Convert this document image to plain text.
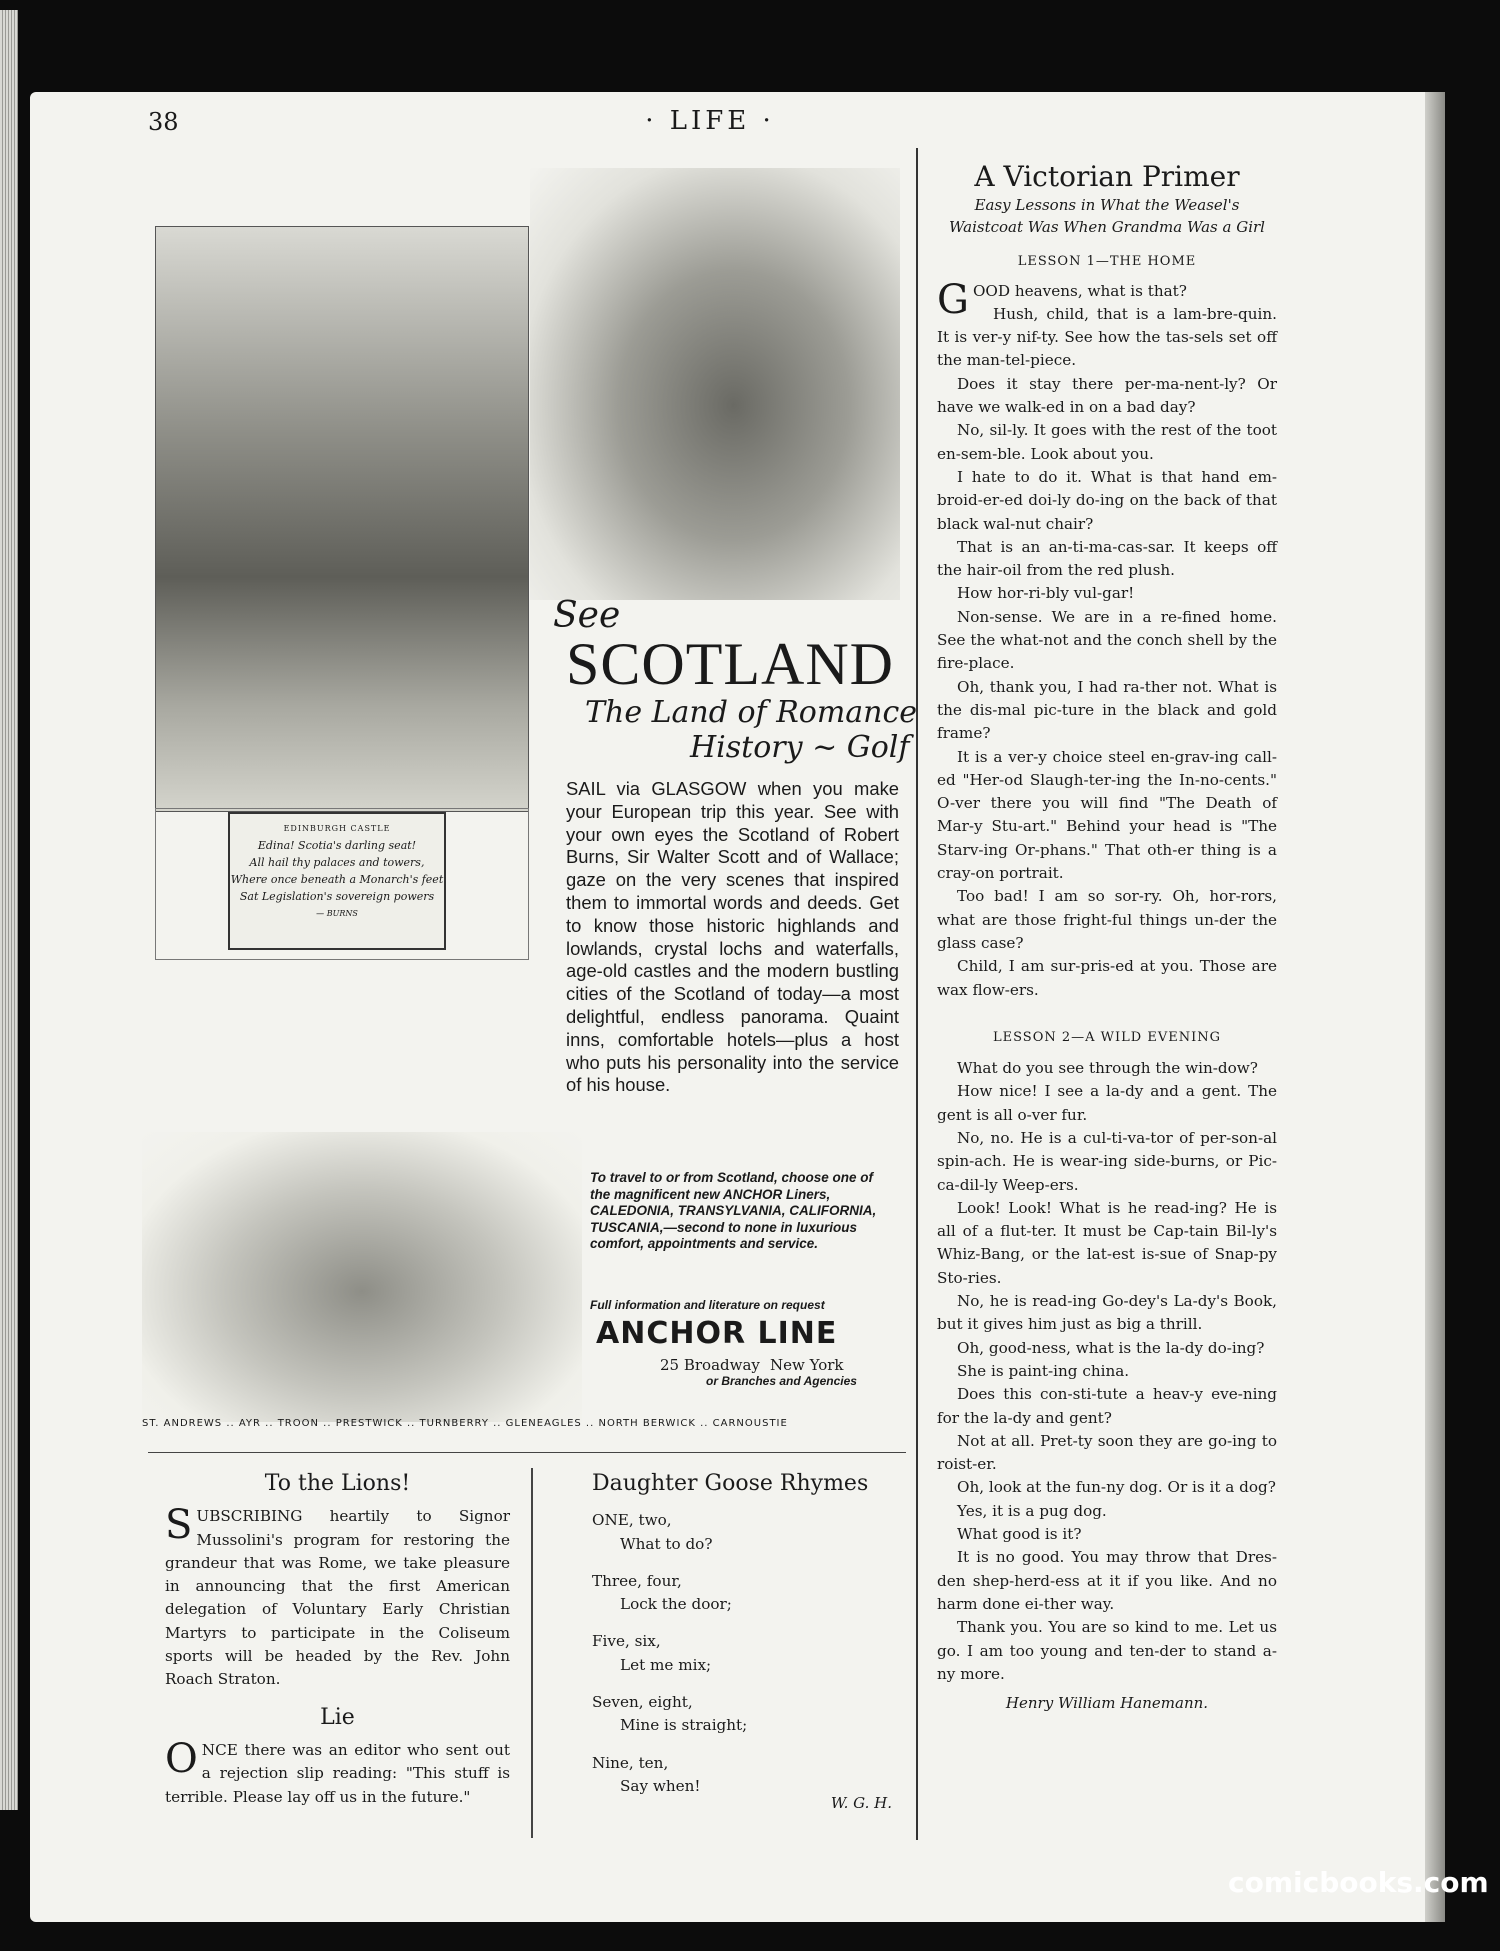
38	· LIFE ·
EDINBURGH CASTLE
Edina! Scotia's darling seat!
All hail thy palaces and towers,
Where once beneath a Monarch's feet
Sat Legislation's sovereign powers
— BURNS
See
SCOTLAND
The Land of Romance
History ~ Golf
SAIL via GLASGOW when you make your European trip this year. See with your own eyes the Scotland of Robert Burns, Sir Walter Scott and of Wallace; gaze on the very scenes that inspired them to immortal words and deeds. Get to know those historic highlands and lowlands, crystal lochs and waterfalls, age-old castles and the modern bustling cities of the Scotland of today—a most delightful, endless panorama. Quaint inns, comfortable hotels—plus a host who puts his personality into the service of his house.
To travel to or from Scotland, choose one of the magnificent new ANCHOR Liners, CALEDONIA, TRANSYLVANIA, CALIFORNIA, TUSCANIA,—second to none in luxurious comfort, appointments and service.
Full information and literature on request
ANCHOR LINE
25 Broadway New York
or Branches and Agencies
ST. ANDREWS .. AYR .. TROON .. PRESTWICK .. TURNBERRY .. GLENEAGLES .. NORTH BERWICK .. CARNOUSTIE
To the Lions!

SUBSCRIBING heartily to Signor Mussolini's program for restoring the grandeur that was Rome, we take pleasure in announcing that the first American delegation of Voluntary Early Christian Martyrs to participate in the Coliseum sports will be headed by the Rev. John Roach Straton.

Lie

ONCE there was an editor who sent out a rejection slip reading: "This stuff is terrible. Please lay off us in the future."

Daughter Goose Rhymes
ONE, two,
What to do?
Three, four,
Lock the door;
Five, six,
Let me mix;
Seven, eight,
Mine is straight;
Nine, ten,
Say when!
W. G. H.
A Victorian Primer
Easy Lessons in What the Weasel's Waistcoat Was When Grandma Was a Girl
LESSON 1—THE HOME

GOOD heavens, what is that?

Hush, child, that is a lam-bre-quin. It is ver-y nif-ty. See how the tas-sels set off the man-tel-piece.

Does it stay there per-ma-nent-ly? Or have we walk-ed in on a bad day?

No, sil-ly. It goes with the rest of the toot en-sem-ble. Look about you.

I hate to do it. What is that hand em-broid-er-ed doi-ly do-ing on the back of that black wal-nut chair?

That is an an-ti-ma-cas-sar. It keeps off the hair-oil from the red plush.

How hor-ri-bly vul-gar!

Non-sense. We are in a re-fined home. See the what-not and the conch shell by the fire-place.

Oh, thank you, I had ra-ther not. What is the dis-mal pic-ture in the black and gold frame?

It is a ver-y choice steel en-grav-ing call-ed "Her-od Slaugh-ter-ing the In-no-cents." O-ver there you will find "The Death of Mar-y Stu-art." Behind your head is "The Starv-ing Or-phans." That oth-er thing is a cray-on portrait.

Too bad! I am so sor-ry. Oh, hor-rors, what are those fright-ful things un-der the glass case?

Child, I am sur-pris-ed at you. Those are wax flow-ers.

LESSON 2—A WILD EVENING

What do you see through the win-dow?

How nice! I see a la-dy and a gent. The gent is all o-ver fur.

No, no. He is a cul-ti-va-tor of per-son-al spin-ach. He is wear-ing side-burns, or Pic-ca-dil-ly Weep-ers.

Look! Look! What is he read-ing? He is all of a flut-ter. It must be Cap-tain Bil-ly's Whiz-Bang, or the lat-est is-sue of Snap-py Sto-ries.

No, he is read-ing Go-dey's La-dy's Book, but it gives him just as big a thrill.

Oh, good-ness, what is the la-dy do-ing?

She is paint-ing china.

Does this con-sti-tute a heav-y eve-ning for the la-dy and gent?

Not at all. Pret-ty soon they are go-ing to roist-er.

Oh, look at the fun-ny dog. Or is it a dog?

Yes, it is a pug dog.

What good is it?

It is no good. You may throw that Dres-den shep-herd-ess at it if you like. And no harm done ei-ther way.

Thank you. You are so kind to me. Let us go. I am too young and ten-der to stand a-ny more.

Henry William Hanemann.
comicbooks.com
